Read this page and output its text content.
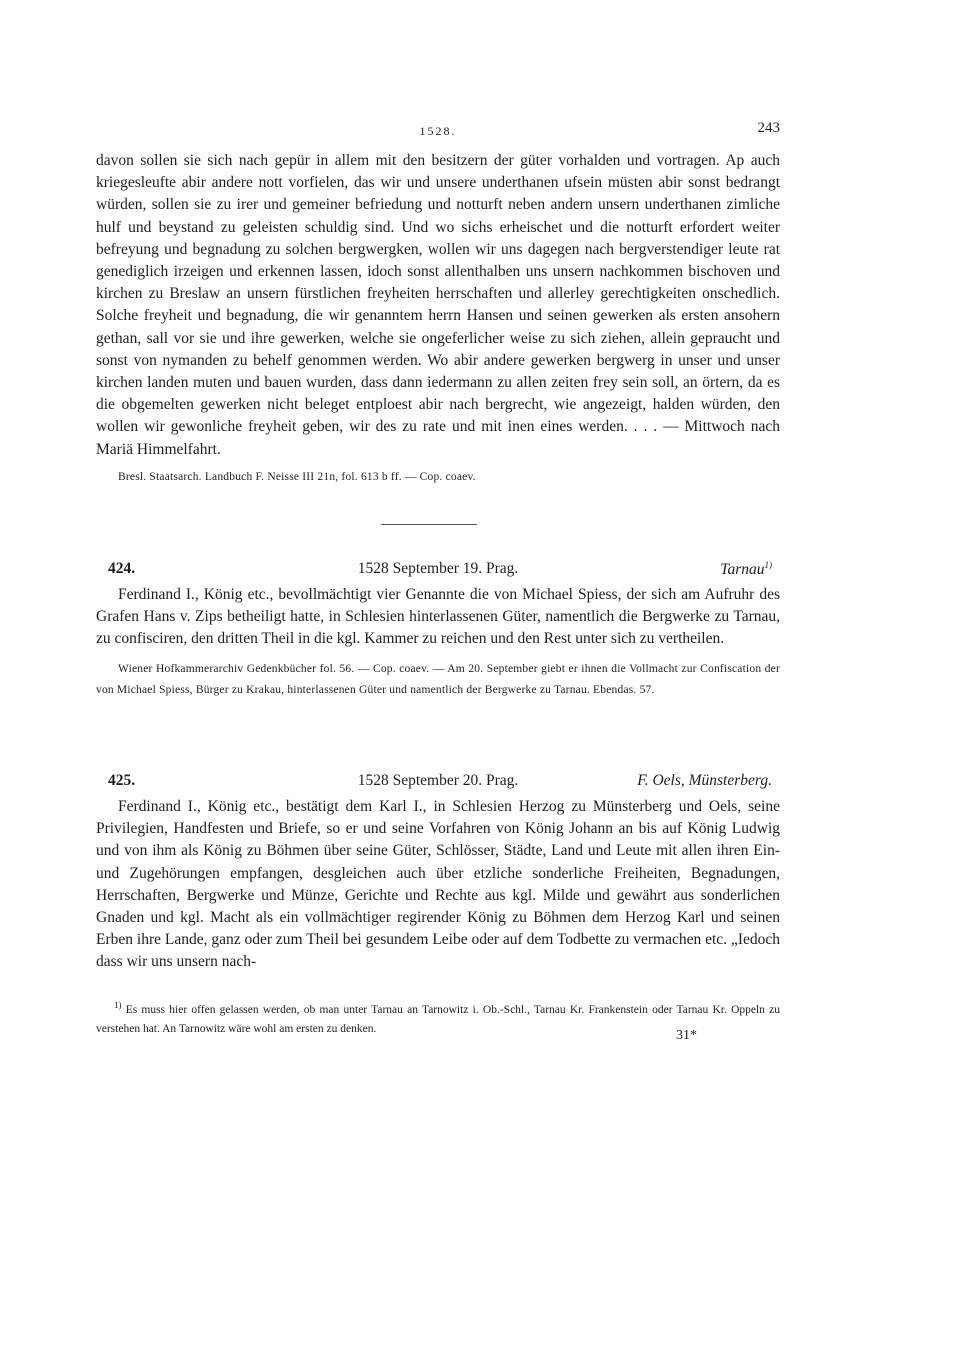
1528.	243

davon sollen sie sich nach gepür in allem mit den besitzern der güter vorhalden und vortragen. Ap auch kriegesleufte abir andere nott vorfielen, das wir und unsere underthanen ufsein müsten abir sonst bedrangt würden, sollen sie zu irer und gemeiner befriedung und notturft neben andern unsern underthanen zimliche hulf und beystand zu geleisten schuldig sind. Und wo sichs erheischet und die notturft erfordert weiter befreyung und begnadung zu solchen bergwergken, wollen wir uns dagegen nach bergverstendiger leute rat genediglich irzeigen und erkennen lassen, idoch sonst allenthalben uns unsern nachkommen bischoven und kirchen zu Breslaw an unsern fürstlichen freyheiten herrschaften und allerley gerechtigkeiten onschedlich. Solche freyheit und begnadung, die wir genanntem herrn Hansen und seinen gewerken als ersten ansohern gethan, sall vor sie und ihre gewerken, welche sie ongeferlicher weise zu sich ziehen, allein gepraucht und sonst von nymanden zu behelf genommen werden. Wo abir andere gewerken bergwerg in unser und unser kirchen landen muten und bauen wurden, dass dann iedermann zu allen zeiten frey sein soll, an örtern, da es die obgemelten gewerken nicht beleget entploest abir nach bergrecht, wie angezeigt, halden würden, den wollen wir gewonliche freyheit geben, wir des zu rate und mit inen eines werden. . . . — Mittwoch nach Mariä Himmelfahrt.

Bresl. Staatsarch. Landbuch F. Neisse III 21n, fol. 613 b ff. — Cop. coaev.

424.	1528 September 19. Prag.	Tarnau$^{1)}$

Ferdinand I., König etc., bevollmächtigt vier Genannte die von Michael Spiess, der sich am Aufruhr des Grafen Hans v. Zips betheiligt hatte, in Schlesien hinterlassenen Güter, namentlich die Bergwerke zu Tarnau, zu confisciren, den dritten Theil in die kgl. Kammer zu reichen und den Rest unter sich zu vertheilen.

Wiener Hofkammerarchiv Gedenkbücher fol. 56. — Cop. coaev. — Am 20. September giebt er ihnen die Vollmacht zur Confiscation der von Michael Spiess, Bürger zu Krakau, hinterlassenen Güter und namentlich der Bergwerke zu Tarnau. Ebendas. 57.

425.	1528 September 20. Prag.	F. Oels, Münsterberg.

Ferdinand I., König etc., bestätigt dem Karl I., in Schlesien Herzog zu Münsterberg und Oels, seine Privilegien, Handfesten und Briefe, so er und seine Vorfahren von König Johann an bis auf König Ludwig und von ihm als König zu Böhmen über seine Güter, Schlösser, Städte, Land und Leute mit allen ihren Ein- und Zugehörungen empfangen, desgleichen auch über etzliche sonderliche Freiheiten, Begnadungen, Herrschaften, Bergwerke und Münze, Gerichte und Rechte aus kgl. Milde und gewährt aus sonderlichen Gnaden und kgl. Macht als ein vollmächtiger regirender König zu Böhmen dem Herzog Karl und seinen Erben ihre Lande, ganz oder zum Theil bei gesundem Leibe oder auf dem Todbette zu vermachen etc. „Iedoch dass wir uns unsern nach-

$^{1)}$ Es muss hier offen gelassen werden, ob man unter Tarnau an Tarnowitz i. Ob.-Schl., Tarnau Kr. Frankenstein oder Tarnau Kr. Oppeln zu verstehen hat. An Tarnowitz wäre wohl am ersten zu denken.	31*
